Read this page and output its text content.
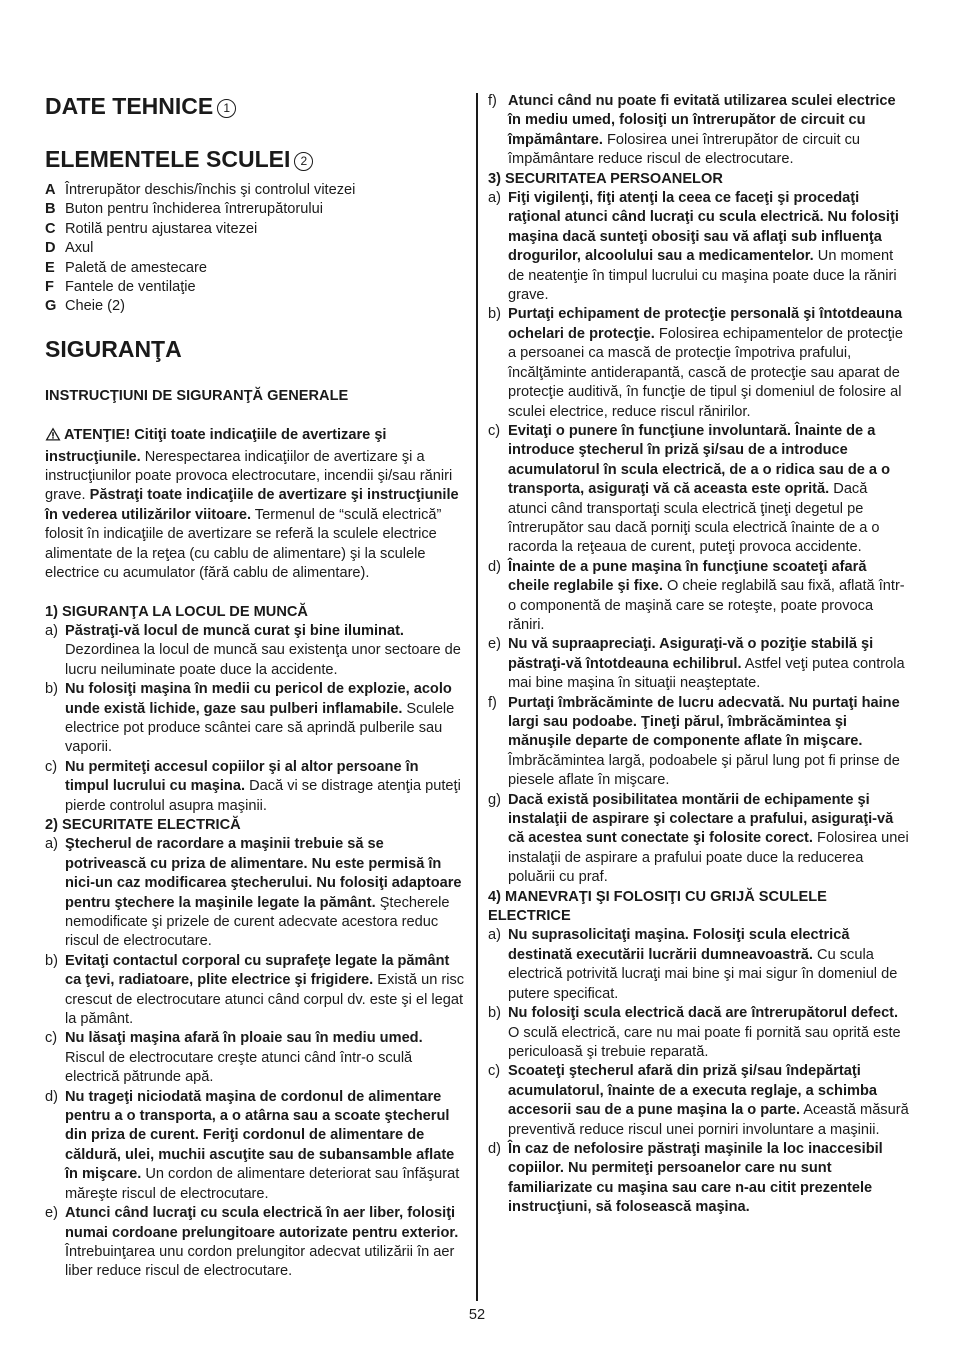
DATE TEHNICE 1
ELEMENTELE SCULEI 2
A Întrerupător deschis/închis şi controlul vitezei
B Buton pentru închiderea întrerupătorului
C Rotilă pentru ajustarea vitezei
D Axul
E Paletă de amestecare
F Fantele de ventilaţie
G Cheie (2)
SIGURANŢA

INSTRUCŢIUNI DE SIGURANŢĂ GENERALE

ATENŢIE! Citiţi toate indicaţiile de avertizare şi instrucţiunile. Nerespectarea indicaţiilor de avertizare şi a instrucţiunilor poate provoca electrocutare, incendii şi/sau răniri grave. Păstraţi toate indicaţiile de avertizare şi instrucţiunile în vederea utilizărilor viitoare. Termenul de “sculă electrică” folosit în indicaţiile de avertizare se referă la sculele electrice alimentate de la reţea (cu cablu de alimentare) şi la sculele electrice cu acumulator (fără cablu de alimentare).

1) SIGURANŢA LA LOCUL DE MUNCĂ

a) Păstraţi-vă locul de muncă curat şi bine iluminat. Dezordinea la locul de muncă sau existenţa unor sectoare de lucru neiluminate poate duce la accidente.
b) Nu folosiţi maşina în medii cu pericol de explozie, acolo unde există lichide, gaze sau pulberi inflamabile. Sculele electrice pot produce scântei care să aprindă pulberile sau vaporii.
c) Nu permiteţi accesul copiilor şi al altor persoane în timpul lucrului cu maşina. Dacă vi se distrage atenţia puteţi pierde controlul asupra maşinii.

2) SECURITATE ELECTRICĂ

a) Ştecherul de racordare a maşinii trebuie să se potrivească cu priza de alimentare. Nu este permisă în nici-un caz modificarea ştecherului. Nu folosiţi adaptoare pentru ştechere la maşinile legate la pământ. Ştecherele nemodificate şi prizele de curent adecvate acestora reduc riscul de electrocutare.
b) Evitaţi contactul corporal cu suprafeţe legate la pământ ca ţevi, radiatoare, plite electrice şi frigidere. Există un risc crescut de electrocutare atunci când corpul dv. este şi el legat la pământ.
c) Nu lăsaţi maşina afară în ploaie sau în mediu umed. Riscul de electrocutare creşte atunci când într-o sculă electrică pătrunde apă.
d) Nu trageţi niciodată maşina de cordonul de alimentare pentru a o transporta, a o atârna sau a scoate ştecherul din priza de curent. Feriţi cordonul de alimentare de căldură, ulei, muchii ascuţite sau de subansamble aflate în mişcare. Un cordon de alimentare deteriorat sau înfăşurat măreşte riscul de electrocutare.
e) Atunci când lucraţi cu scula electrică în aer liber, folosiţi numai cordoane prelungitoare autorizate pentru exterior. Întrebuinţarea unu cordon prelungitor adecvat utilizării în aer liber reduce riscul de electrocutare.
f) Atunci când nu poate fi evitată utilizarea sculei electrice în mediu umed, folosiţi un întrerupător de circuit cu împământare. Folosirea unei întrerupător de circuit cu împământare reduce riscul de electrocutare.

3) SECURITATEA PERSOANELOR

a) Fiţi vigilenţi, fiţi atenţi la ceea ce faceţi şi procedaţi raţional atunci când lucraţi cu scula electrică. Nu folosiţi maşina dacă sunteţi obosiţi sau vă aflaţi sub influenţa drogurilor, alcoolului sau a medicamentelor. Un moment de neatenţie în timpul lucrului cu maşina poate duce la răniri grave.
b) Purtaţi echipament de protecţie personală şi întotdeauna ochelari de protecţie. Folosirea echipamentelor de protecţie a persoanei ca mască de protecţie împotriva prafului, încălţăminte antiderapantă, cască de protecţie sau aparat de protecţie auditivă, în funcţie de tipul şi domeniul de folosire al sculei electrice, reduce riscul rănirilor.
c) Evitaţi o punere în funcţiune involuntară. Înainte de a introduce ştecherul în priză şi/sau de a introduce acumulatorul în scula electrică, de a o ridica sau de a o transporta, asiguraţi vă că aceasta este oprită. Dacă atunci când transportaţi scula electrică ţineţi degetul pe întrerupător sau dacă porniţi scula electrică înainte de a o racorda la reţeaua de curent, puteţi provoca accidente.
d) Înainte de a pune maşina în funcţiune scoateţi afară cheile reglabile şi fixe. O cheie reglabilă sau fixă, aflată într-o componentă de maşină care se roteşte, poate provoca răniri.
e) Nu vă supraapreciaţi. Asiguraţi-vă o poziţie stabilă şi păstraţi-vă întotdeauna echilibrul. Astfel veţi putea controla mai bine maşina în situaţii neaşteptate.
f) Purtaţi îmbrăcăminte de lucru adecvată. Nu purtaţi haine largi sau podoabe. Ţineţi părul, îmbrăcămintea şi mănuşile departe de componente aflate în mişcare. Îmbrăcămintea largă, podoabele şi părul lung pot fi prinse de piesele aflate în mişcare.
g) Dacă există posibilitatea montării de echipamente şi instalaţii de aspirare şi colectare a prafului, asiguraţi-vă că acestea sunt conectate şi folosite corect. Folosirea unei instalaţii de aspirare a prafului poate duce la reducerea poluării cu praf.

4) MANEVRAŢI ŞI FOLOSIŢI CU GRIJĂ SCULELE ELECTRICE

a) Nu suprasolicitaţi maşina. Folosiţi scula electrică destinată executării lucrării dumneavoastră. Cu scula electrică potrivită lucraţi mai bine şi mai sigur în domeniul de putere specificat.
b) Nu folosiţi scula electrică dacă are întrerupătorul defect. O sculă electrică, care nu mai poate fi pornită sau oprită este periculoasă şi trebuie reparată.
c) Scoateţi ştecherul afară din priză şi/sau îndepărtaţi acumulatorul, înainte de a executa reglaje, a schimba accesorii sau de a pune maşina la o parte. Această măsură preventivă reduce riscul unei porniri involuntare a maşinii.
d) În caz de nefolosire păstraţi maşinile la loc inaccesibil copiilor. Nu permiteţi persoanelor care nu sunt familiarizate cu maşina sau care n-au citit prezentele instrucţiuni, să folosească maşina.
52
